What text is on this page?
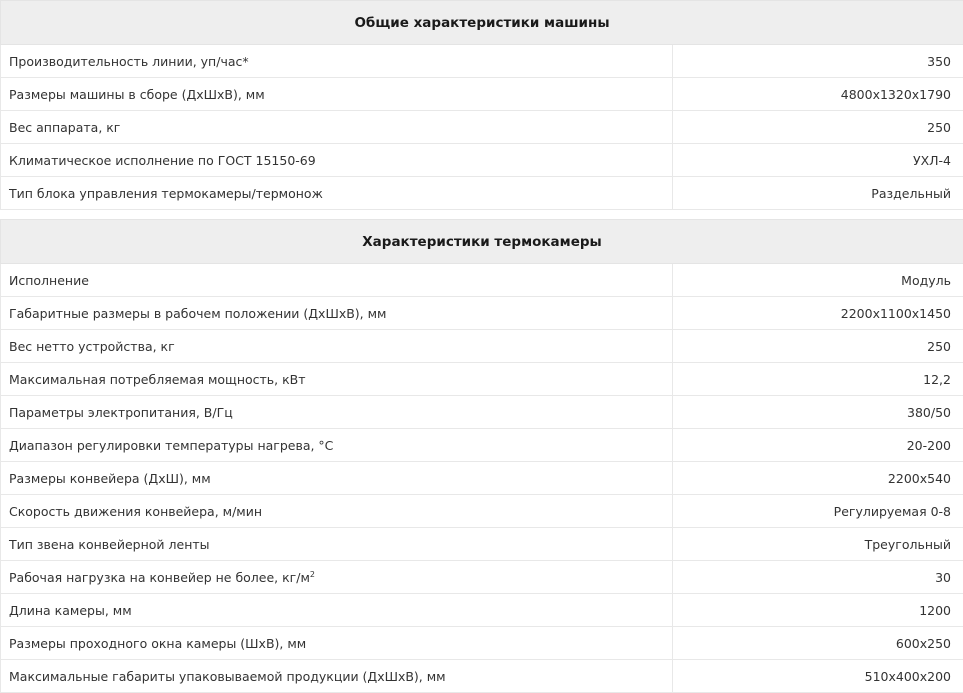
Общие характеристики машины	
Производительность линии, уп/час*	350
Размеры машины в сборе (ДхШхВ), мм	4800x1320x1790
Вес аппарата, кг	250
Климатическое исполнение по ГОСТ 15150-69	УХЛ-4
Тип блока управления термокамеры/термонож	Раздельный

Характеристики термокамеры	
Исполнение	Модуль
Габаритные размеры в рабочем положении (ДхШхВ), мм	2200x1100x1450
Вес нетто устройства, кг	250
Максимальная потребляемая мощность, кВт	12,2
Параметры электропитания, В/Гц	380/50
Диапазон регулировки температуры нагрева, °С	20-200
Размеры конвейера (ДхШ), мм	2200x540
Скорость движения конвейера, м/мин	Регулируемая 0-8
Тип звена конвейерной ленты	Треугольный
Рабочая нагрузка на конвейер не более, $кг/м^2$	30
Длина камеры, мм	1200
Размеры проходного окна камеры (ШхВ), мм	600x250
Максимальные габариты упаковываемой продукции (ДхШхВ), мм	510x400x200
